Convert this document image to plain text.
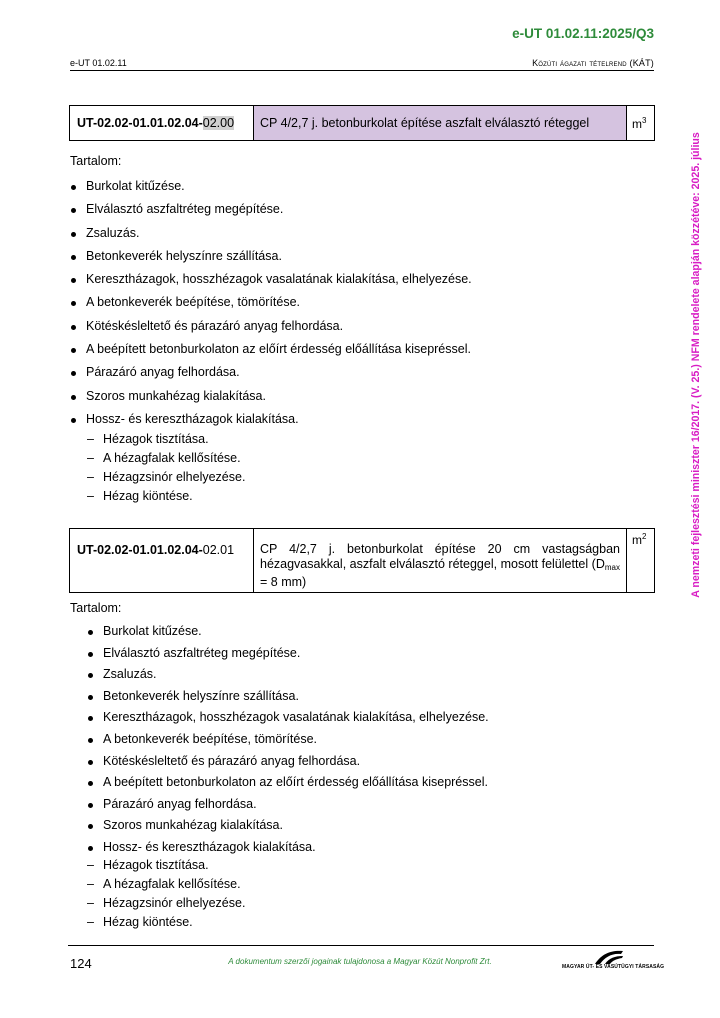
e-UT 01.02.11:2025/Q3
e-UT 01.02.11	Közúti ágazati tételrend (KÁT)
A nemzeti fejlesztési miniszter 16/2017. (V. 25.) NFM rendelete alapján közzétéve: 2025. július
UT-02.02-01.01.02.04-02.00	CP 4/2,7 j. betonburkolat építése aszfalt elválasztó réteggel	$m^3$
Tartalom:
Burkolat kitűzése.
Elválasztó aszfaltréteg megépítése.
Zsaluzás.
Betonkeverék helyszínre szállítása.
Keresztházagok, hosszhézagok vasalatának kialakítása, elhelyezése.
A betonkeverék beépítése, tömörítése.
Kötéskésleltető és párazáró anyag felhordása.
A beépített betonburkolaton az előírt érdesség előállítása kisepréssel.
Párazáró anyag felhordása.
Szoros munkahézag kialakítása.
Hossz- és keresztházagok kialakítása.
– Hézagok tisztítása.
– A hézagfalak kellősítése.
– Hézagzsinór elhelyezése.
– Hézag kiöntése.
UT-02.02-01.01.02.04-02.01	CP 4/2,7 j. betonburkolat építése 20 cm vastagságban hézagvasakkal, aszfalt elválasztó réteggel, mosott felülettel ($D_{max} = 8$ mm)	$m^2$
Tartalom:
Burkolat kitűzése.
Elválasztó aszfaltréteg megépítése.
Zsaluzás.
Betonkeverék helyszínre szállítása.
Keresztházagok, hosszhézagok vasalatának kialakítása, elhelyezése.
A betonkeverék beépítése, tömörítése.
Kötéskésleltető és párazáró anyag felhordása.
A beépített betonburkolaton az előírt érdesség előállítása kisepréssel.
Párazáró anyag felhordása.
Szoros munkahézag kialakítása.
Hossz- és keresztházagok kialakítása.
– Hézagok tisztítása.
– A hézagfalak kellősítése.
– Hézagzsinór elhelyezése.
– Hézag kiöntése.
124	A dokumentum szerzői jogainak tulajdonosa a Magyar Közút Nonprofit Zrt.
MAGYAR ÚT- ÉS VASÚTÜGYI TÁRSASÁG
